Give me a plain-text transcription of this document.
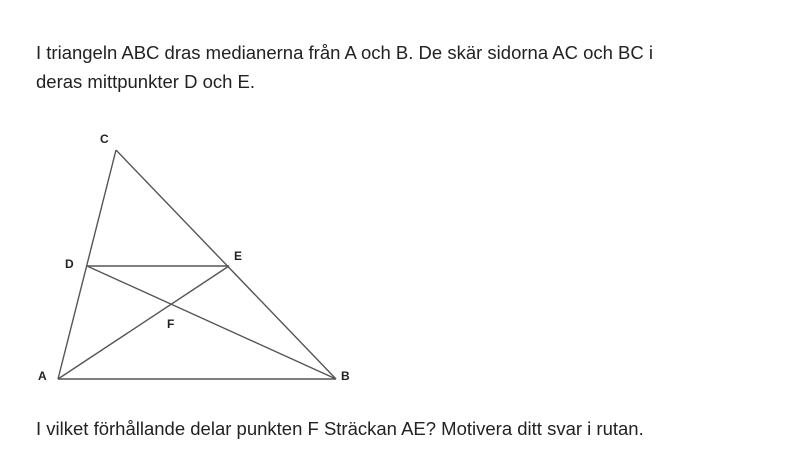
I triangeln ABC dras medianerna från A och B. De skär sidorna AC och BC i
deras mittpunkter D och E.
C
D
E
F
A	B
I vilket förhållande delar punkten F Sträckan AE? Motivera ditt svar i rutan.
